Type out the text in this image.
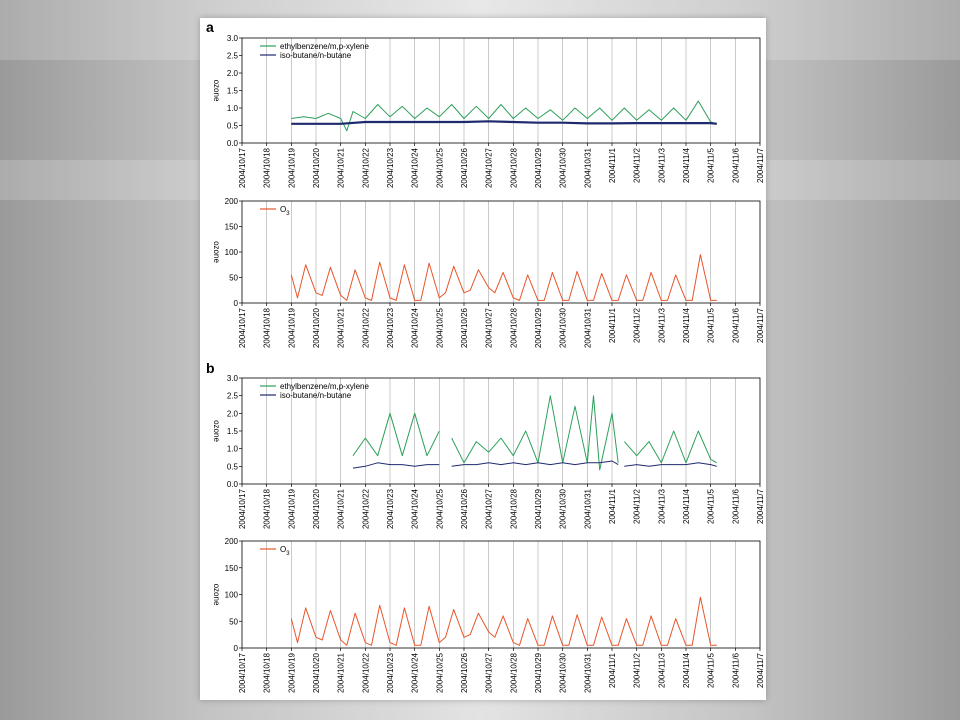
a
0.0
0.5
1.0
1.5
2.0
2.5
3.0
ozone
2004/10/17 2004/10/18 2004/10/19 2004/10/20 2004/10/21 2004/10/22 2004/10/23 2004/10/24 2004/10/25 2004/10/26 2004/10/27 2004/10/28 2004/10/29 2004/10/30 2004/10/31 2004/11/1 2004/11/2 2004/11/3 2004/11/4 2004/11/5 2004/11/6 2004/11/7
ethylbenzene/m,p-xylene
iso-butane/n-butane
0
50
100
150
200
ozone
2004/10/17 2004/10/18 2004/10/19 2004/10/20 2004/10/21 2004/10/22 2004/10/23 2004/10/24 2004/10/25 2004/10/26 2004/10/27 2004/10/28 2004/10/29 2004/10/30 2004/10/31 2004/11/1 2004/11/2 2004/11/3 2004/11/4 2004/11/5 2004/11/6 2004/11/7
$O_3$
b
0.0
0.5
1.0
1.5
2.0
2.5
3.0
ozone
2004/10/17 2004/10/18 2004/10/19 2004/10/20 2004/10/21 2004/10/22 2004/10/23 2004/10/24 2004/10/25 2004/10/26 2004/10/27 2004/10/28 2004/10/29 2004/10/30 2004/10/31 2004/11/1 2004/11/2 2004/11/3 2004/11/4 2004/11/5 2004/11/6 2004/11/7
ethylbenzene/m,p-xylene
iso-butane/n-butane
0
50
100
150
200
ozone
2004/10/17 2004/10/18 2004/10/19 2004/10/20 2004/10/21 2004/10/22 2004/10/23 2004/10/24 2004/10/25 2004/10/26 2004/10/27 2004/10/28 2004/10/29 2004/10/30 2004/10/31 2004/11/1 2004/11/2 2004/11/3 2004/11/4 2004/11/5 2004/11/6 2004/11/7
$O_3$
